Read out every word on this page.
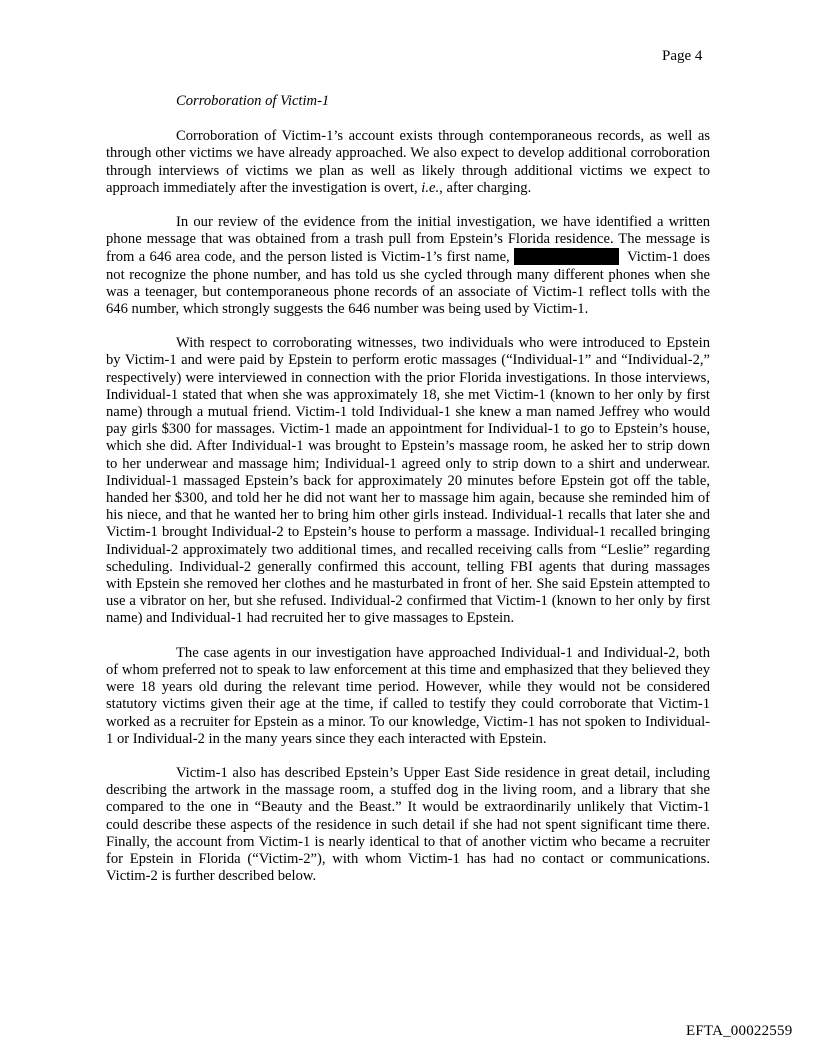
Page 4
Corroboration of Victim-1

Corroboration of Victim-1’s account exists through contemporaneous records, as well as through other victims we have already approached. We also expect to develop additional corroboration through interviews of victims we plan as well as likely through additional victims we expect to approach immediately after the investigation is overt, i.e., after charging.

In our review of the evidence from the initial investigation, we have identified a written phone message that was obtained from a trash pull from Epstein’s Florida residence. The message is from a 646 area code, and the person listed is Victim-1’s first name,	Victim-1 does not recognize the phone number, and has told us she cycled through many different phones when she was a teenager, but contemporaneous phone records of an associate of Victim-1 reflect tolls with the 646 number, which strongly suggests the 646 number was being used by Victim-1.

With respect to corroborating witnesses, two individuals who were introduced to Epstein by Victim-1 and were paid by Epstein to perform erotic massages (“Individual-1” and “Individual-2,” respectively) were interviewed in connection with the prior Florida investigations. In those interviews, Individual-1 stated that when she was approximately 18, she met Victim-1 (known to her only by first name) through a mutual friend. Victim-1 told Individual-1 she knew a man named Jeffrey who would pay girls $300 for massages. Victim-1 made an appointment for Individual-1 to go to Epstein’s house, which she did. After Individual-1 was brought to Epstein’s massage room, he asked her to strip down to her underwear and massage him; Individual-1 agreed only to strip down to a shirt and underwear. Individual-1 massaged Epstein’s back for approximately 20 minutes before Epstein got off the table, handed her $300, and told her he did not want her to massage him again, because she reminded him of his niece, and that he wanted her to bring him other girls instead. Individual-1 recalls that later she and Victim-1 brought Individual-2 to Epstein’s house to perform a massage. Individual-1 recalled bringing Individual-2 approximately two additional times, and recalled receiving calls from “Leslie” regarding scheduling. Individual-2 generally confirmed this account, telling FBI agents that during massages with Epstein she removed her clothes and he masturbated in front of her. She said Epstein attempted to use a vibrator on her, but she refused. Individual-2 confirmed that Victim-1 (known to her only by first name) and Individual-1 had recruited her to give massages to Epstein.

The case agents in our investigation have approached Individual-1 and Individual-2, both of whom preferred not to speak to law enforcement at this time and emphasized that they believed they were 18 years old during the relevant time period. However, while they would not be considered statutory victims given their age at the time, if called to testify they could corroborate that Victim-1 worked as a recruiter for Epstein as a minor. To our knowledge, Victim-1 has not spoken to Individual-1 or Individual-2 in the many years since they each interacted with Epstein.

Victim-1 also has described Epstein’s Upper East Side residence in great detail, including describing the artwork in the massage room, a stuffed dog in the living room, and a library that she compared to the one in “Beauty and the Beast.” It would be extraordinarily unlikely that Victim-1 could describe these aspects of the residence in such detail if she had not spent significant time there. Finally, the account from Victim-1 is nearly identical to that of another victim who became a recruiter for Epstein in Florida (“Victim-2”), with whom Victim-1 has had no contact or communications. Victim-2 is further described below.

EFTA_00022559
